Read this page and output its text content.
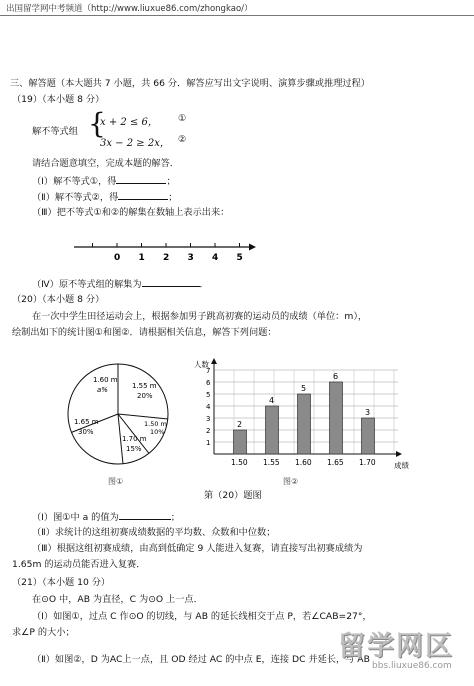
出国留学网中考频道（http://www.liuxue86.com/zhongkao/）
三、解答题（本大题共 7 小题，共 66 分．解答应写出文字说明、演算步骤或推理过程）
（19）（本小题 8 分）
解不等式组 {
x + 2 ≤ 6， ①
3x − 2 ≥ 2x， ②
请结合题意填空，完成本题的解答．
（Ⅰ）解不等式①，得	；
（Ⅱ）解不等式②，得	；
（Ⅲ）把不等式①和②的解集在数轴上表示出来：
0 1 2 3 4 5
（Ⅳ）原不等式组的解集为	．
（20）（本小题 8 分）
在一次中学生田径运动会上，根据参加男子跳高初赛的运动员的成绩（单位：m），
绘制出如下的统计图①和图②．请根据相关信息，解答下列问题：
1.60 m
a%	1.55 m
20%
1.65 m
30%
1.50 m
10%
1.70 m
15%
图①
人数
成绩
1
2
3
4
5
6
7
2
1.50
4
1.55
5
1.60
6
1.65
3
1.70
图②
第（20）题图
（Ⅰ）图①中 a 的值为	；
（Ⅱ）求统计的这组初赛成绩数据的平均数、众数和中位数；
（Ⅲ）根据这组初赛成绩，由高到低确定 9 人能进入复赛，请直接写出初赛成绩为
1.65m 的运动员能否进入复赛．
（21）（本小题 10 分）
在⊙O 中，AB 为直径，C 为⊙O 上一点．
（Ⅰ）如图①，过点 C 作⊙O 的切线，与 AB 的延长线相交于点 P，若∠CAB=27°，
求∠P 的大小；
（Ⅱ）如图②，D 为AC上一点，且 OD 经过 AC 的中点 E，连接 DC 并延长，与 AB
留学网区
bbs.liuxue86.com
